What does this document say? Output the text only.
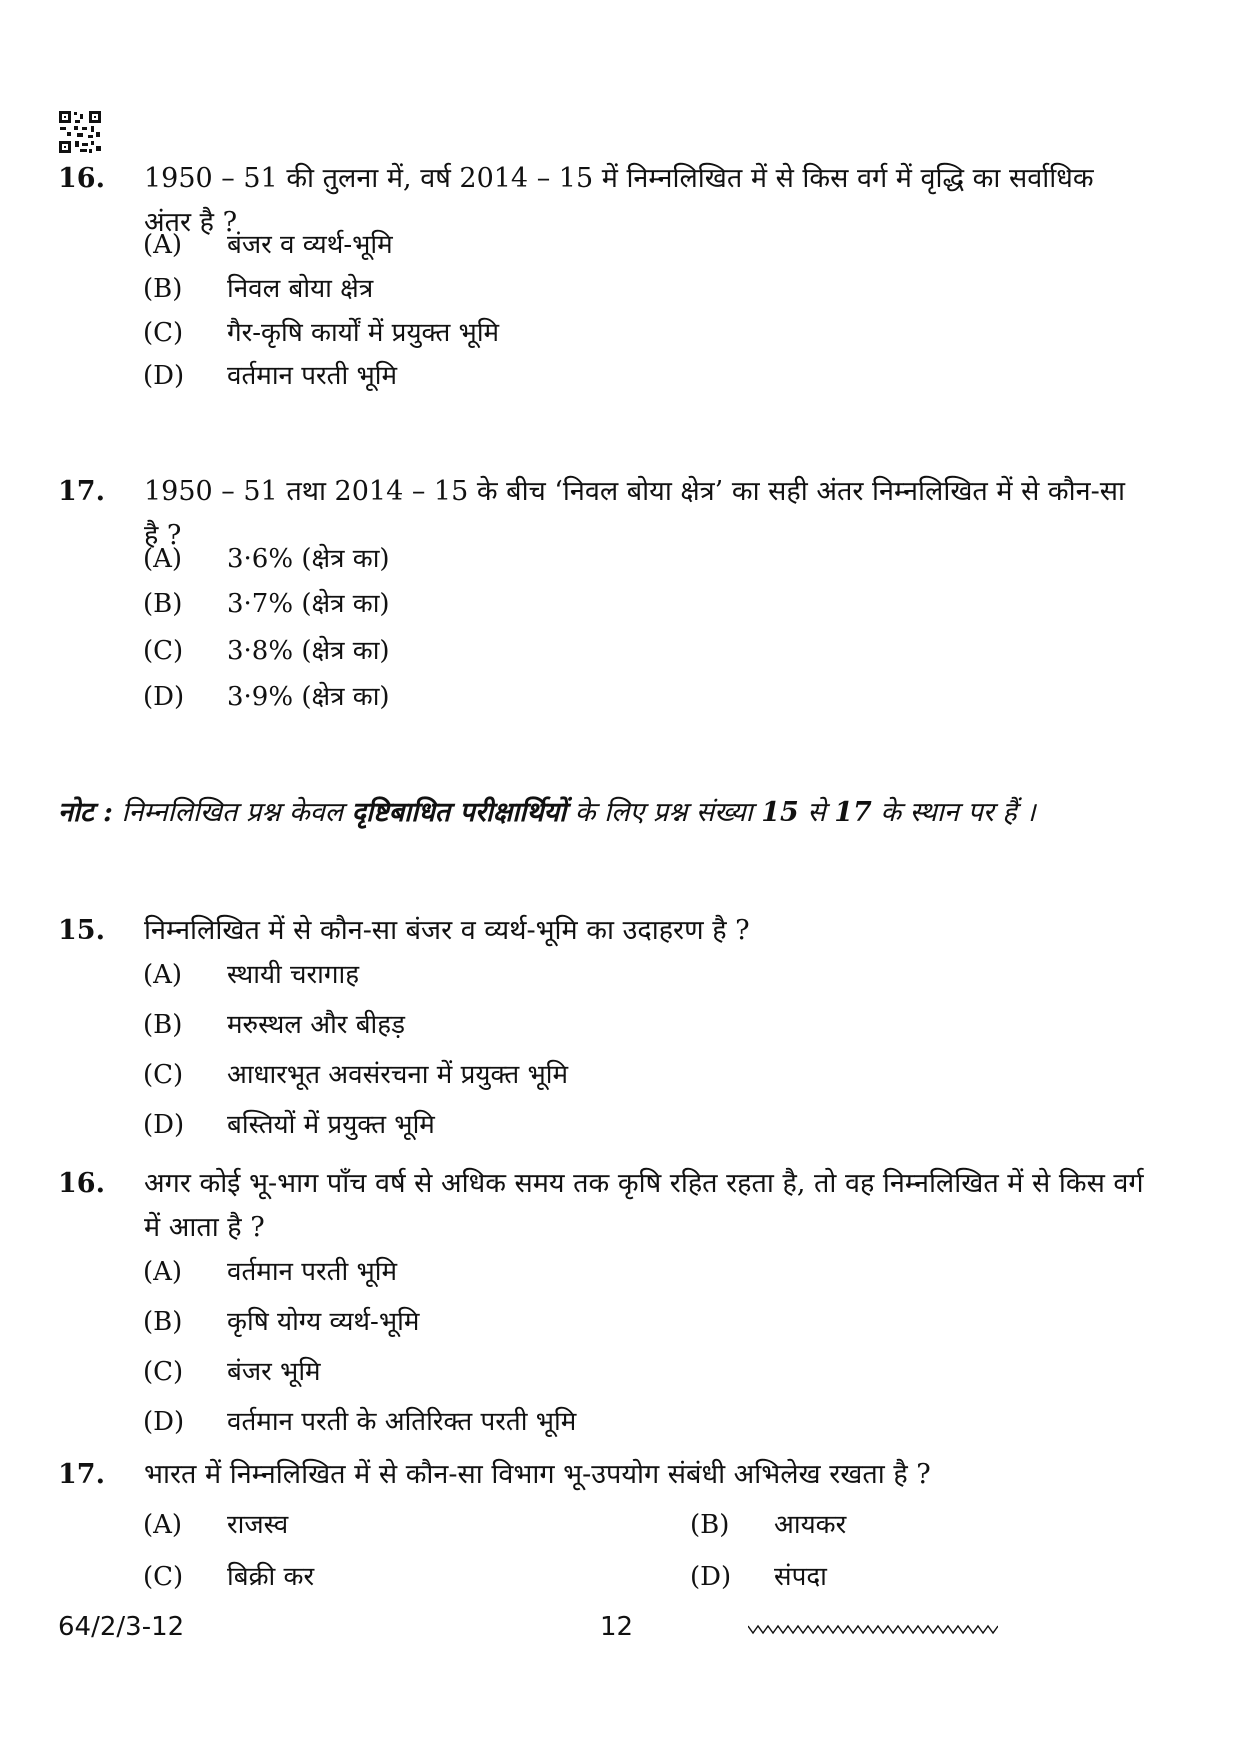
16. 1950 – 51 की तुलना में, वर्ष 2014 – 15 में निम्नलिखित में से किस वर्ग में वृद्धि का सर्वाधिक अंतर है ?
(A)	बंजर व व्यर्थ-भूमि
(B)	निवल बोया क्षेत्र
(C)	गैर-कृषि कार्यों में प्रयुक्त भूमि
(D)	वर्तमान परती भूमि
17. 1950 – 51 तथा 2014 – 15 के बीच ‘निवल बोया क्षेत्र’ का सही अंतर निम्नलिखित में से कौन-सा है ?
(A)	3·6% (क्षेत्र का)
(B)	3·7% (क्षेत्र का)
(C)	3·8% (क्षेत्र का)
(D)	3·9% (क्षेत्र का)
नोट : निम्नलिखित प्रश्न केवल दृष्टिबाधित परीक्षार्थियों के लिए प्रश्न संख्या 15 से 17 के स्थान पर हैं ।
15. निम्नलिखित में से कौन-सा बंजर व व्यर्थ-भूमि का उदाहरण है ?
(A)	स्थायी चरागाह
(B)	मरुस्थल और बीहड़
(C)	आधारभूत अवसंरचना में प्रयुक्त भूमि
(D)	बस्तियों में प्रयुक्त भूमि
16. अगर कोई भू-भाग पाँच वर्ष से अधिक समय तक कृषि रहित रहता है, तो वह निम्नलिखित में से किस वर्ग में आता है ?
(A)	वर्तमान परती भूमि
(B)	कृषि योग्य व्यर्थ-भूमि
(C)	बंजर भूमि
(D)	वर्तमान परती के अतिरिक्त परती भूमि
17. भारत में निम्नलिखित में से कौन-सा विभाग भू-उपयोग संबंधी अभिलेख रखता है ?
(A)	राजस्व	(B)	आयकर
(C)	बिक्री कर	(D)	संपदा
64/2/3-12	12
